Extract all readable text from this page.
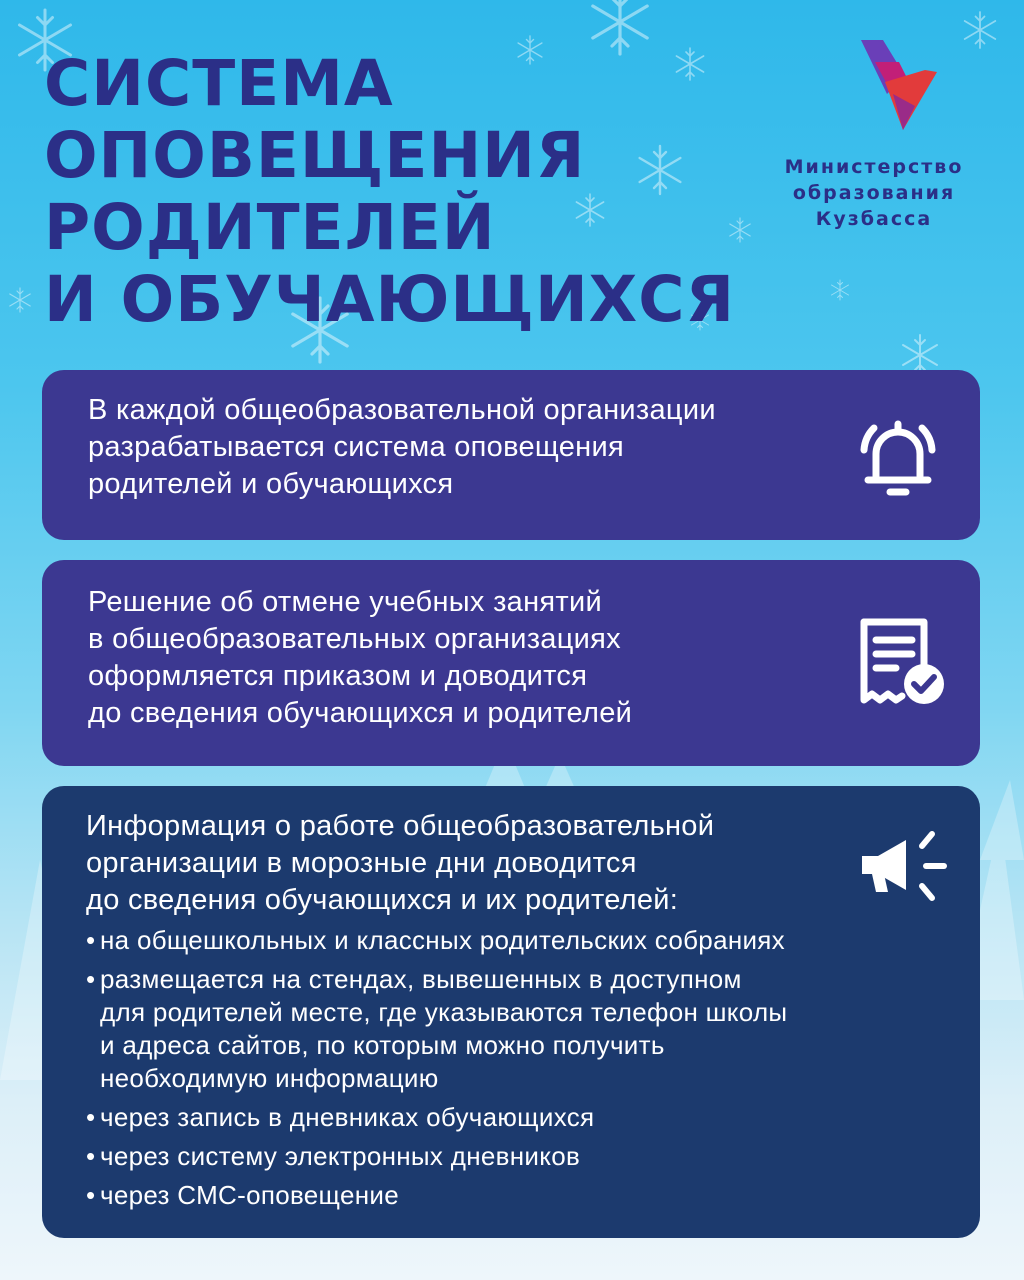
СИСТЕМА
ОПОВЕЩЕНИЯ
РОДИТЕЛЕЙ
И ОБУЧАЮЩИХСЯ
Министерство
образования
Кузбасса
В каждой общеобразовательной организации
разрабатывается система оповещения
родителей и обучающихся
Решение об отмене учебных занятий
в общеобразовательных организациях
оформляется приказом и доводится
до сведения обучающихся и родителей
Информация о работе общеобразовательной
организации в морозные дни доводится
до сведения обучающихся и их родителей:
• на общешкольных и классных родительских собраниях
• размещается на стендах, вывешенных в доступном
для родителей месте, где указываются телефон школы
и адреса сайтов, по которым можно получить
необходимую информацию
• через запись в дневниках обучающихся
• через систему электронных дневников
• через СМС-оповещение
